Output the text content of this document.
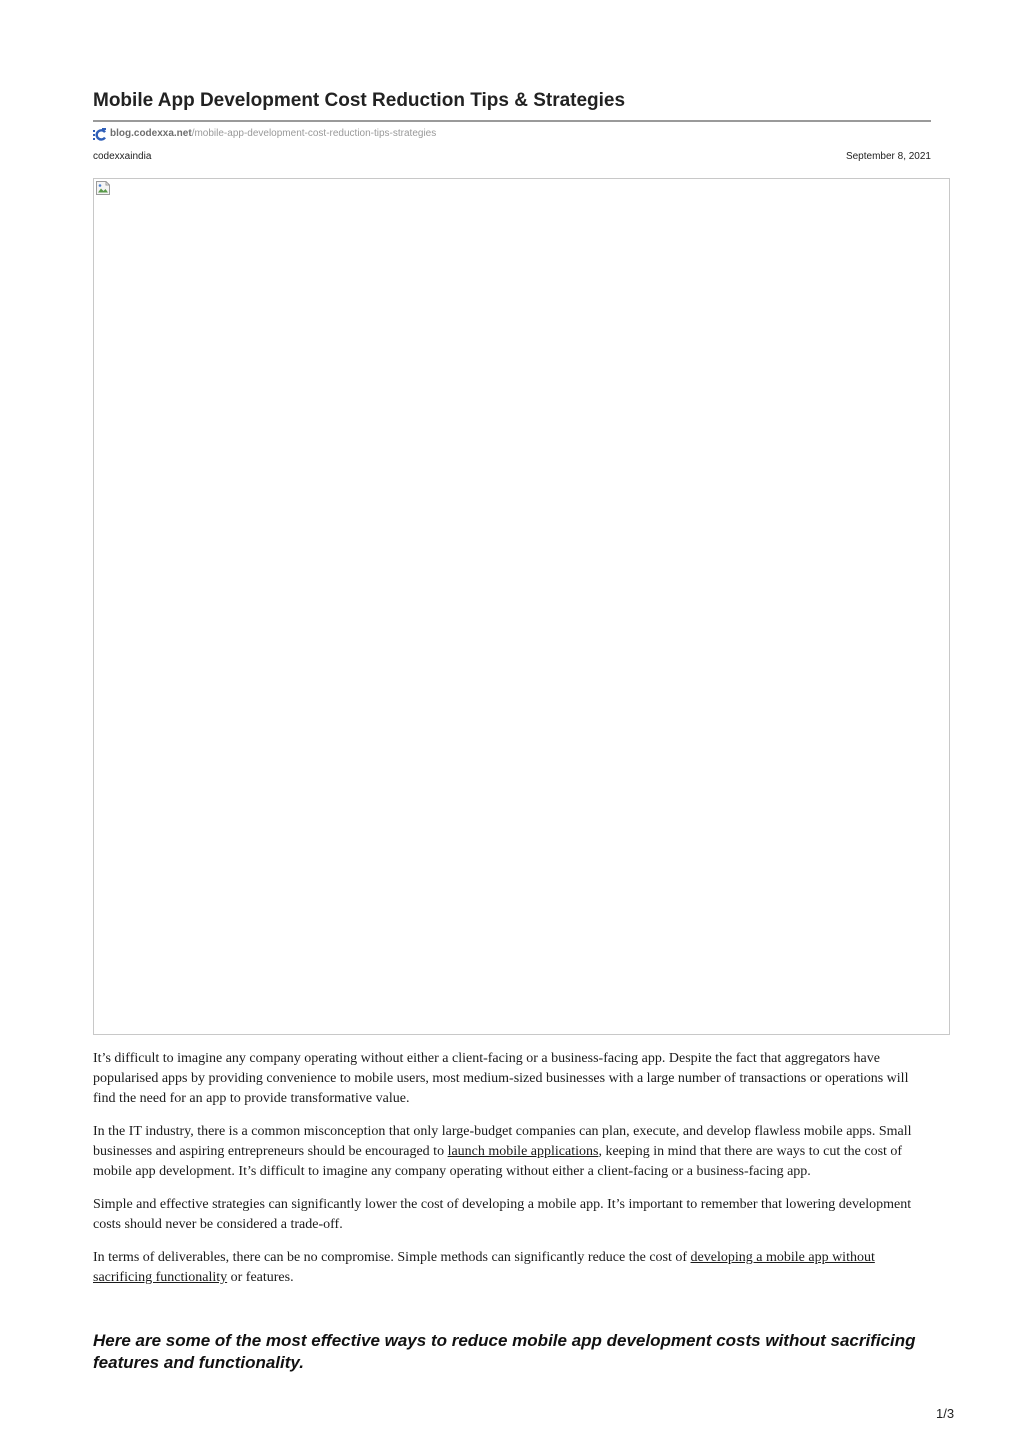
Mobile App Development Cost Reduction Tips & Strategies
blog.codexxa.net /mobile-app-development-cost-reduction-tips-strategies
codexxaindia	September 8, 2021

It’s difficult to imagine any company operating without either a client-facing or a business-facing app. Despite the fact that aggregators have popularised apps by providing convenience to mobile users, most medium-sized businesses with a large number of transactions or operations will find the need for an app to provide transformative value.

In the IT industry, there is a common misconception that only large-budget companies can plan, execute, and develop flawless mobile apps. Small businesses and aspiring entrepreneurs should be encouraged to launch mobile applications, keeping in mind that there are ways to cut the cost of mobile app development. It’s difficult to imagine any company operating without either a client-facing or a business-facing app.

Simple and effective strategies can significantly lower the cost of developing a mobile app. It’s important to remember that lowering development costs should never be considered a trade-off.

In terms of deliverables, there can be no compromise. Simple methods can significantly reduce the cost of developing a mobile app without sacrificing functionality or features.

Here are some of the most effective ways to reduce mobile app development costs without sacrificing features and functionality.
1/3
